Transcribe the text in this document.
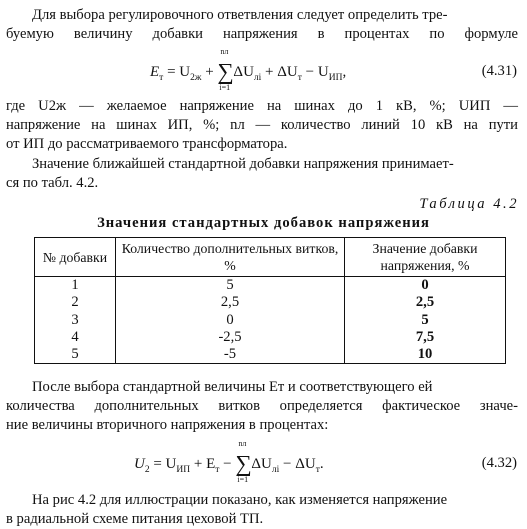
Для выбора регулировочного ответвления следует определить тре-
буемую величину добавки напряжения в процентах по формуле
$E_т = U_{2ж}$ +
nл
∑
i=1
$\Delta U_{лi} + \Delta U_т - U_{ИП}$,	(4.31)
где U2ж — желаемое напряжение на шинах до 1 кВ, %; UИП —
напряжение на шинах ИП, %; nл — количество линий 10 кВ на пути
от ИП до рассматриваемого трансформатора.
Значение ближайшей стандартной добавки напряжения принимает-
ся по табл. 4.2.
Таблица 4.2
Значения стандартных добавок напряжения
№ добавки	Количество дополнительных витков, %	Значение добавки напряжения, %
1	5	0
2	2,5	2,5
3	0	5
4	-2,5	7,5
5	-5	10
После выбора стандартной величины Eт и соответствующего ей
количества дополнительных витков определяется фактическое значе-
ние величины вторичного напряжения в процентах:
$U_2 = U_{ИП} + E_т$ −
nл
∑
i=1
$\Delta U_{лi} - \Delta U_т$.	(4.32)
На рис 4.2 для иллюстрации показано, как изменяется напряжение
в радиальной схеме питания цеховой ТП.
